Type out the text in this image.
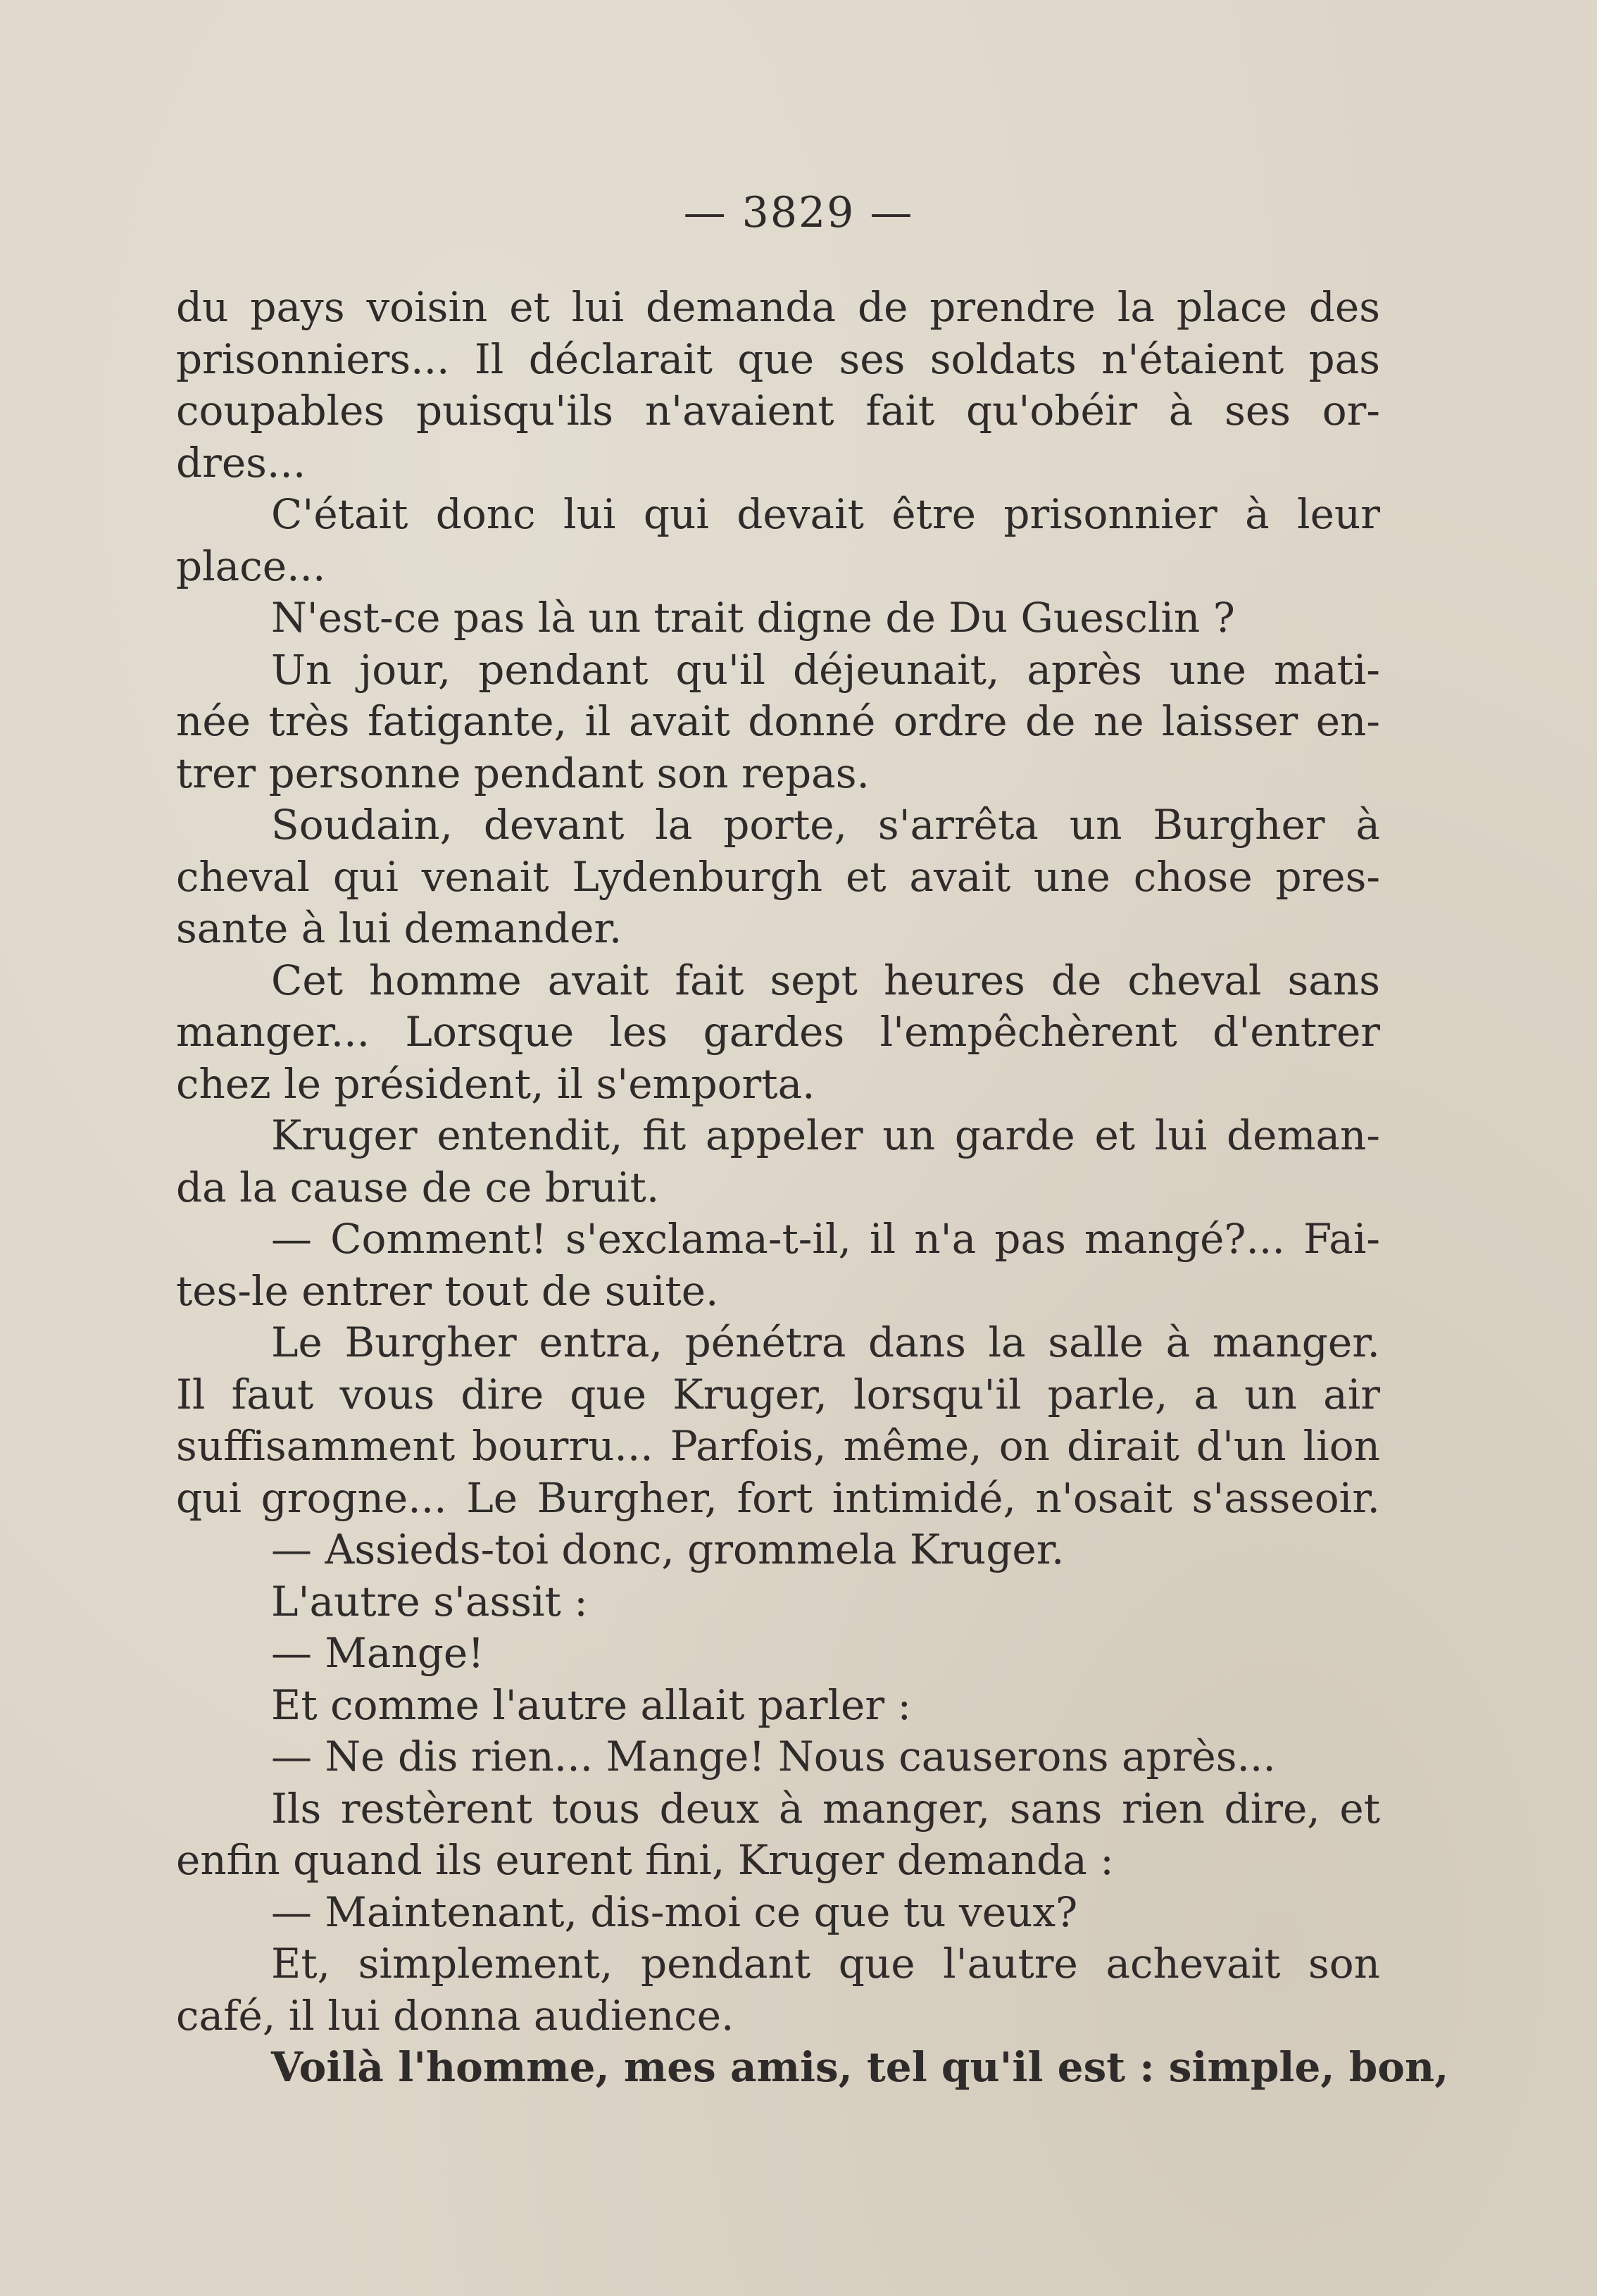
— 3829 —
du pays voisin et lui demanda de prendre la place des
prisonniers... Il déclarait que ses soldats n'étaient pas
coupables puisqu'ils n'avaient fait qu'obéir à ses or-
dres...
C'était donc lui qui devait être prisonnier à leur
place...
N'est-ce pas là un trait digne de Du Guesclin ?
Un jour, pendant qu'il déjeunait, après une mati-
née très fatigante, il avait donné ordre de ne laisser en-
trer personne pendant son repas.
Soudain, devant la porte, s'arrêta un Burgher à
cheval qui venait Lydenburgh et avait une chose pres-
sante à lui demander.
Cet homme avait fait sept heures de cheval sans
manger... Lorsque les gardes l'empêchèrent d'entrer
chez le président, il s'emporta.
Kruger entendit, fit appeler un garde et lui deman-
da la cause de ce bruit.
— Comment! s'exclama-t-il, il n'a pas mangé?... Fai-
tes-le entrer tout de suite.
Le Burgher entra, pénétra dans la salle à manger.
Il faut vous dire que Kruger, lorsqu'il parle, a un air
suffisamment bourru... Parfois, même, on dirait d'un lion
qui grogne... Le Burgher, fort intimidé, n'osait s'asseoir.
— Assieds-toi donc, grommela Kruger.
L'autre s'assit :
— Mange!
Et comme l'autre allait parler :
— Ne dis rien... Mange! Nous causerons après...
Ils restèrent tous deux à manger, sans rien dire, et
enfin quand ils eurent fini, Kruger demanda :
— Maintenant, dis-moi ce que tu veux?
Et, simplement, pendant que l'autre achevait son
café, il lui donna audience.
Voilà l'homme, mes amis, tel qu'il est : simple, bon,
